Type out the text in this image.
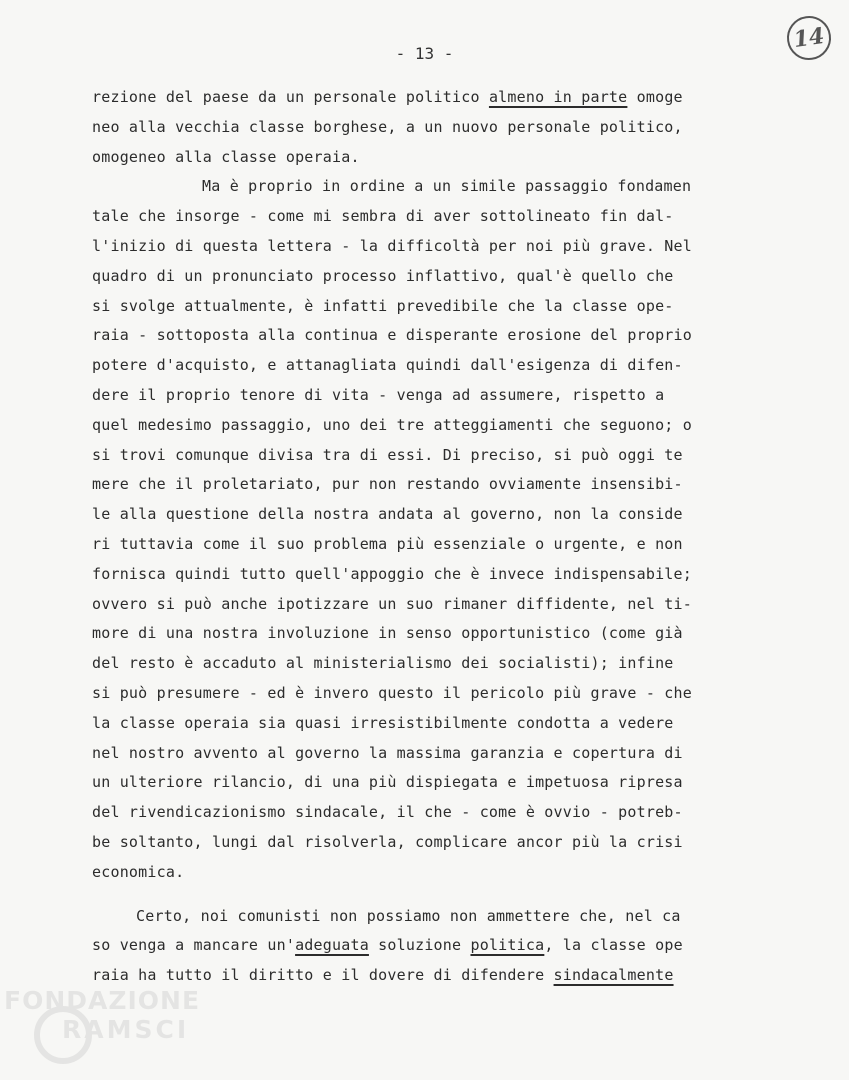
- 13 -
14
rezione del paese da un personale politico almeno in parte omoge
neo alla vecchia classe borghese, a un nuovo personale politico,
omogeneo alla classe operaia.
Ma è proprio in ordine a un simile passaggio fondamen
tale che insorge - come mi sembra di aver sottolineato fin dal-
l'inizio di questa lettera - la difficoltà per noi più grave. Nel
quadro di un pronunciato processo inflattivo, qual'è quello che
si svolge attualmente, è infatti prevedibile che la classe ope-
raia - sottoposta alla continua e disperante erosione del proprio
potere d'acquisto, e attanagliata quindi dall'esigenza di difen-
dere il proprio tenore di vita - venga ad assumere, rispetto a
quel medesimo passaggio, uno dei tre atteggiamenti che seguono; o
si trovi comunque divisa tra di essi. Di preciso, si può oggi te
mere che il proletariato, pur non restando ovviamente insensibi-
le alla questione della nostra andata al governo, non la conside
ri tuttavia come il suo problema più essenziale o urgente, e non
fornisca quindi tutto quell'appoggio che è invece indispensabile;
ovvero si può anche ipotizzare un suo rimaner diffidente, nel ti-
more di una nostra involuzione in senso opportunistico (come già
del resto è accaduto al ministerialismo dei socialisti); infine
si può presumere - ed è invero questo il pericolo più grave - che
la classe operaia sia quasi irresistibilmente condotta a vedere
nel nostro avvento al governo la massima garanzia e copertura di
un ulteriore rilancio, di una più dispiegata e impetuosa ripresa
del rivendicazionismo sindacale, il che - come è ovvio - potreb-
be soltanto, lungi dal risolverla, complicare ancor più la crisi
economica.
Certo, noi comunisti non possiamo non ammettere che, nel ca
so venga a mancare un'adeguata soluzione politica, la classe ope
raia ha tutto il diritto e il dovere di difendere sindacalmente
FONDAZIONE
RAMSCI
